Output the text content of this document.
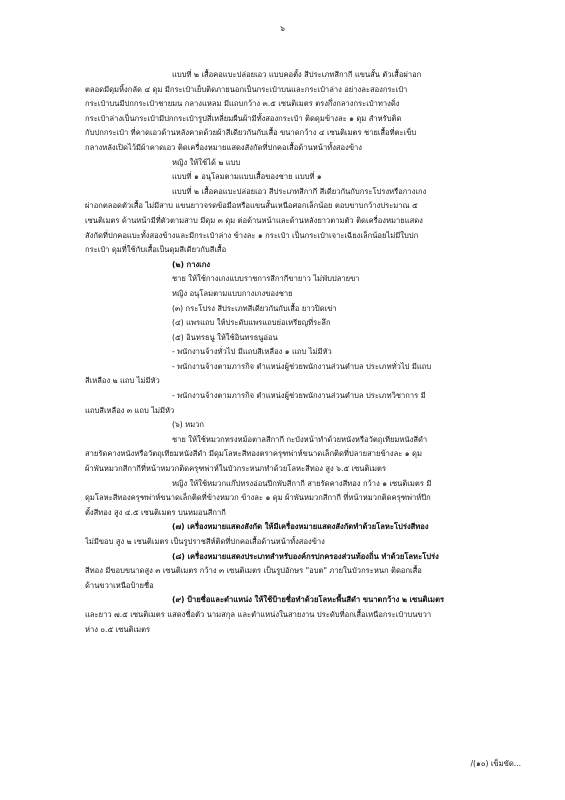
๖

แบบที่ ๒ เสื้อคอแบะปล่อยเอว แบบคอตั้ง สีประเภทสีกากี แขนสั้น ตัวเสื้อผ่าอก

ตลอดมีดุมหิ้งกลัด ๔ ดุม มีกระเป๋าเย็บติดภายนอกเป็นกระเป๋าบนและกระเป๋าล่าง อย่างละสองกระเป๋า

กระเป๋าบนมีปกกระเป๋าชายมน กลางแหลม มีแถบกว้าง ๓.๕ เซนติเมตร ตรงกึ่งกลางกระเป๋าทางดิ่ง

กระเป๋าล่างเป็นกระเป๋ามีปกกระเป๋ารูปสี่เหลี่ยมผืนผ้ามีทั้งสองกระเป๋า ติดดุมข้างละ ๑ ดุม สำหรับติด

กับปกกระเป๋า ที่คาดเอวด้านหลังคาดด้วยผ้าสีเดียวกันกับเสื้อ ขนาดกว้าง ๔ เซนติเมตร ชายเสื้อที่ตะเข็บ

กลางหลังเปิดไว้มีผ้าคาดเอว ติดเครื่องหมายแสดงสังกัดที่ปกคอเสื้อด้านหน้าทั้งสองข้าง

หญิง ให้ใช้ได้ ๒ แบบ

แบบที่ ๑ อนุโลมตามแบบเสื้อของชาย แบบที่ ๑

แบบที่ ๒ เสื้อคอแบะปล่อยเอว สีประเภทสีกากี สีเดียวกันกับกระโปรงหรือกางเกง

ผ่าอกตลอดตัวเสื้อ ไม่มีสาบ แขนยาวจรดข้อมือหรือแขนสั้นเหนือศอกเล็กน้อย ตอบขาบกว้างประมาณ ๕

เซนติเมตร ด้านหน้ามีที่ตัวตามสาบ มีดุม ๓ ดุม ต่อด้านหน้าและด้านหลังยาวตามตัว ติดเครื่องหมายแสดง

สังกัดที่ปกคอแบะทั้งสองข้างและมีกระเป๋าล่าง ข้างละ ๑ กระเป๋า เป็นกระเป๋าเจาะเฉียงเล็กน้อยไม่มีใบปก

กระเป๋า ดุมที่ใช้กับเสื้อเป็นดุมสีเดียวกับสีเสื้อ

(๒) กางเกง

ชาย ให้ใช้กางเกงแบบราชการสีกากีขายาว ไม่พับปลายขา

หญิง อนุโลมตามแบบกางเกงของชาย

(๓) กระโปรง สีประเภทสีเดียวกันกับเสื้อ ยาวปิดเข่า

(๔) แพรแถบ ให้ประดับแพรแถบย่อเหรียญที่ระลึก

(๕) อินทรธนู ให้ใช้อินทรธนูอ่อน

- พนักงานจ้างทั่วไป มีแถบสีเหลือง ๑ แถบ ไม่มีหัว

- พนักงานจ้างตามภารกิจ ตำแหน่งผู้ช่วยพนักงานส่วนตำบล ประเภททั่วไป มีแถบ

สีเหลือง ๒ แถบ ไม่มีหัว

- พนักงานจ้างตามภารกิจ ตำแหน่งผู้ช่วยพนักงานส่วนตำบล ประเภทวิชาการ มี

แถบสีเหลือง ๓ แถบ ไม่มีหัว

(๖) หมวก

ชาย ให้ใช้หมวกทรงหม้อตาลสีกากี กะบังหน้าทำด้วยหนังหรือวัตถุเทียมหนังสีดำ

สายรัดคางหนังหรือวัตถุเทียมหนังสีดำ มีดุมโลหะสีทองตราครุฑพ่าห์ขนาดเล็กติดที่ปลายสายข้างละ ๑ ดุม

ผ้าพันหมวกสีกากีที่หน้าหมวกติดครุฑพ่าห์ในบัวกระหนกทำด้วยโลหะสีทอง สูง ๖.๕ เซนติเมตร

หญิง ให้ใช้หมวกแก๊ปทรงอ่อนปีกพับสีกากี สายรัดคางสีทอง กว้าง ๑ เซนติเมตร มี

ดุมโลหะสีทองครุฑพ่าห์ขนาดเล็กติดที่ข้างหมวก ข้างละ ๑ ดุม ผ้าพันหมวกสีกากี ที่หน้าหมวกติดครุฑพ่าห์ปีก

ตั้งสีทอง สูง ๔.๕ เซนติเมตร บนหมอนสีกากี

(๗) เครื่องหมายแสดงสังกัด ให้มีเครื่องหมายแสดงสังกัดทำด้วยโลหะโปร่งสีทอง

ไม่มีขอบ สูง ๒ เซนติเมตร เป็นรูปราชสีห์ติดที่ปกคอเสื้อด้านหน้าทั้งสองข้าง

(๘) เครื่องหมายแสดงประเภทสำหรับองค์กรปกครองส่วนท้องถิ่น ทำด้วยโลหะโปร่ง

สีทอง มีขอบขนาดสูง ๓ เซนติเมตร กว้าง ๓ เซนติเมตร เป็นรูปอักษร "อบต" ภายในบัวกระหนก ติดอกเสื้อ

ด้านขวาเหนือป้ายชื่อ

(๙) ป้ายชื่อและตำแหน่ง ให้ใช้ป้ายชื่อทำด้วยโลหะพื้นสีดำ ขนาดกว้าง ๒ เซนติเมตร

และยาว ๗.๕ เซนติเมตร แสดงชื่อตัว นามสกุล และตำแหน่งในสายงาน ประดับที่อกเสื้อเหนือกระเป๋าบนขวา

ห่าง ๐.๕ เซนติเมตร

/(๑๐) เข็มขัด...
